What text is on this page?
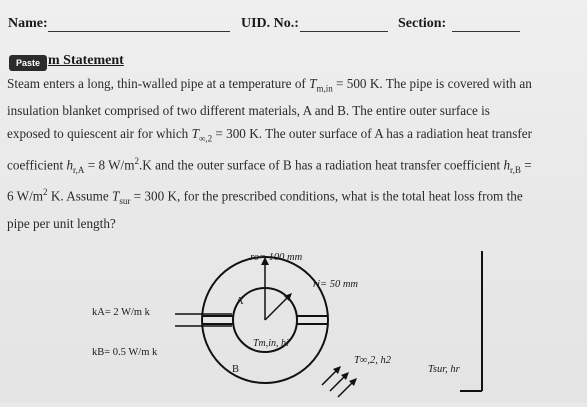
Name:	UID. No.:	Section:
Paste m Statement

Steam enters a long, thin-walled pipe at a temperature of $T_{m,in} = 500$ K. The pipe is covered with an

insulation blanket comprised of two different materials, A and B. The entire outer surface is

exposed to quiescent air for which $T_{\infty,2} = 300$ K. The outer surface of A has a radiation heat transfer

coefficient $h_{r,A} = 8$ $W/m^2.K$ and the outer surface of B has a radiation heat transfer coefficient $h_{r,B}$ =

6 $W/m^2$ K. Assume $T_{sur} = 300$ K, for the prescribed conditions, what is the total heat loss from the

pipe per unit length?

ro= 100 mm
ri= 50 mm
kA= 2 W/m k
kB= 0.5 W/m k
A
B
Tm,in, hi
T∞,2, h2
Tsur, hr
